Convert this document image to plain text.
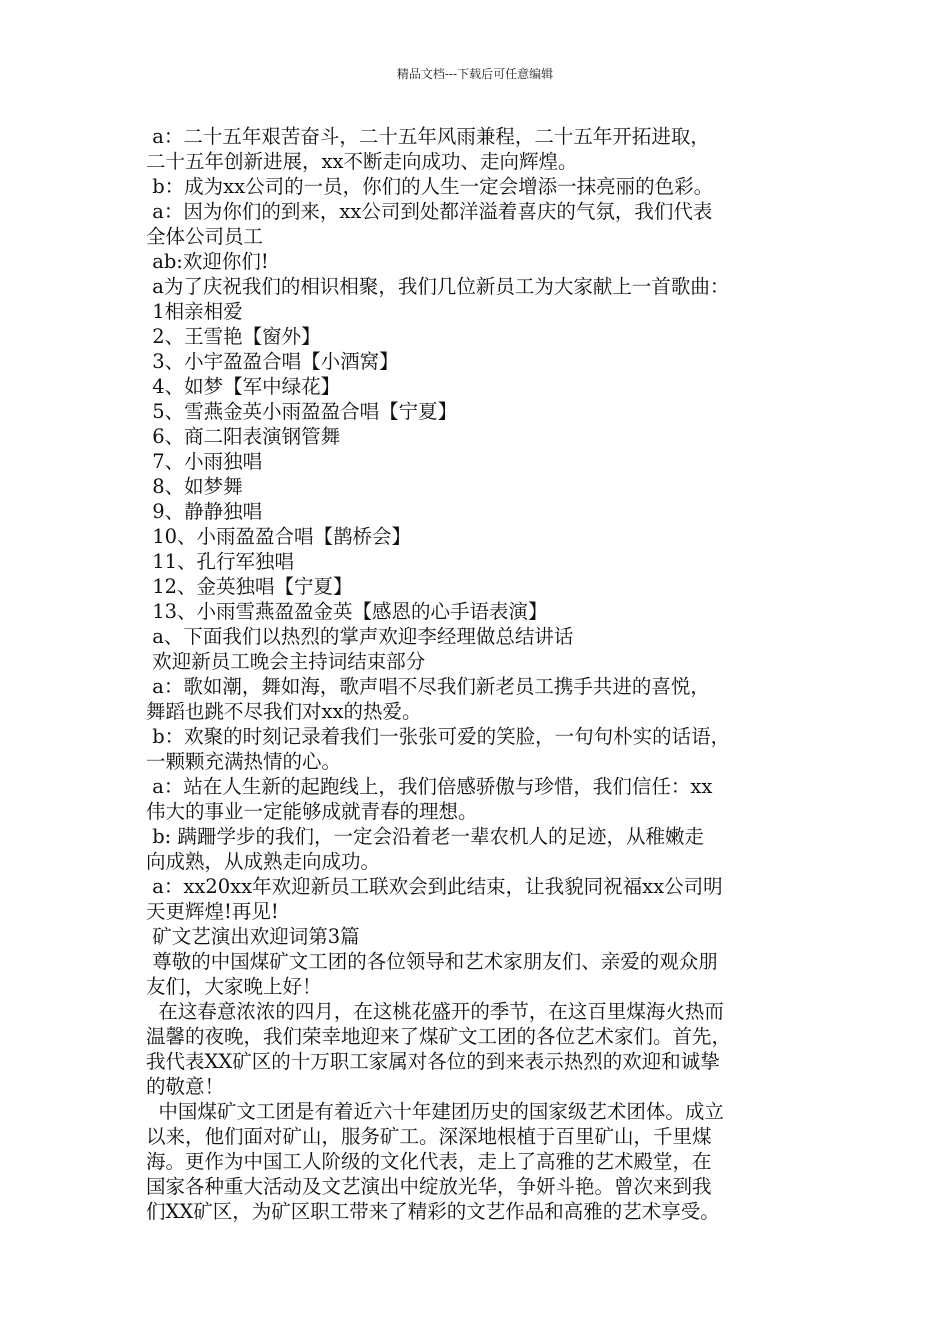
精品文档---下载后可任意编辑
a：二十五年艰苦奋斗，二十五年风雨兼程，二十五年开拓进取，
二十五年创新进展，xx不断走向成功、走向辉煌。
b：成为xx公司的一员，你们的人生一定会增添一抹亮丽的色彩。
a：因为你们的到来，xx公司到处都洋溢着喜庆的气氛，我们代表
全体公司员工
ab:欢迎你们!
a为了庆祝我们的相识相聚，我们几位新员工为大家献上一首歌曲：
1相亲相爱
2、王雪艳【窗外】
3、小宇盈盈合唱【小酒窝】
4、如梦【军中绿花】
5、雪燕金英小雨盈盈合唱【宁夏】
6、商二阳表演钢管舞
7、小雨独唱
8、如梦舞
9、静静独唱
10、小雨盈盈合唱【鹊桥会】
11、孔行军独唱
12、金英独唱【宁夏】
13、小雨雪燕盈盈金英【感恩的心手语表演】
a、下面我们以热烈的掌声欢迎李经理做总结讲话
欢迎新员工晚会主持词结束部分
a：歌如潮，舞如海，歌声唱不尽我们新老员工携手共进的喜悦，
舞蹈也跳不尽我们对xx的热爱。
b：欢聚的时刻记录着我们一张张可爱的笑脸，一句句朴实的话语，
一颗颗充满热情的心。
a：站在人生新的起跑线上，我们倍感骄傲与珍惜，我们信任：xx
伟大的事业一定能够成就青春的理想。
b: 蹒跚学步的我们，一定会沿着老一辈农机人的足迹，从稚嫩走
向成熟，从成熟走向成功。
a：xx20xx年欢迎新员工联欢会到此结束，让我貌同祝福xx公司明
天更辉煌!再见!
矿文艺演出欢迎词第3篇
尊敬的中国煤矿文工团的各位领导和艺术家朋友们、亲爱的观众朋
友们，大家晚上好！
在这春意浓浓的四月，在这桃花盛开的季节，在这百里煤海火热而
温馨的夜晚，我们荣幸地迎来了煤矿文工团的各位艺术家们。首先，
我代表XX矿区的十万职工家属对各位的到来表示热烈的欢迎和诚挚
的敬意！
中国煤矿文工团是有着近六十年建团历史的国家级艺术团体。成立
以来，他们面对矿山，服务矿工。深深地根植于百里矿山，千里煤
海。更作为中国工人阶级的文化代表，走上了高雅的艺术殿堂，在
国家各种重大活动及文艺演出中绽放光华，争妍斗艳。曾次来到我
们XX矿区，为矿区职工带来了精彩的文艺作品和高雅的艺术享受。
